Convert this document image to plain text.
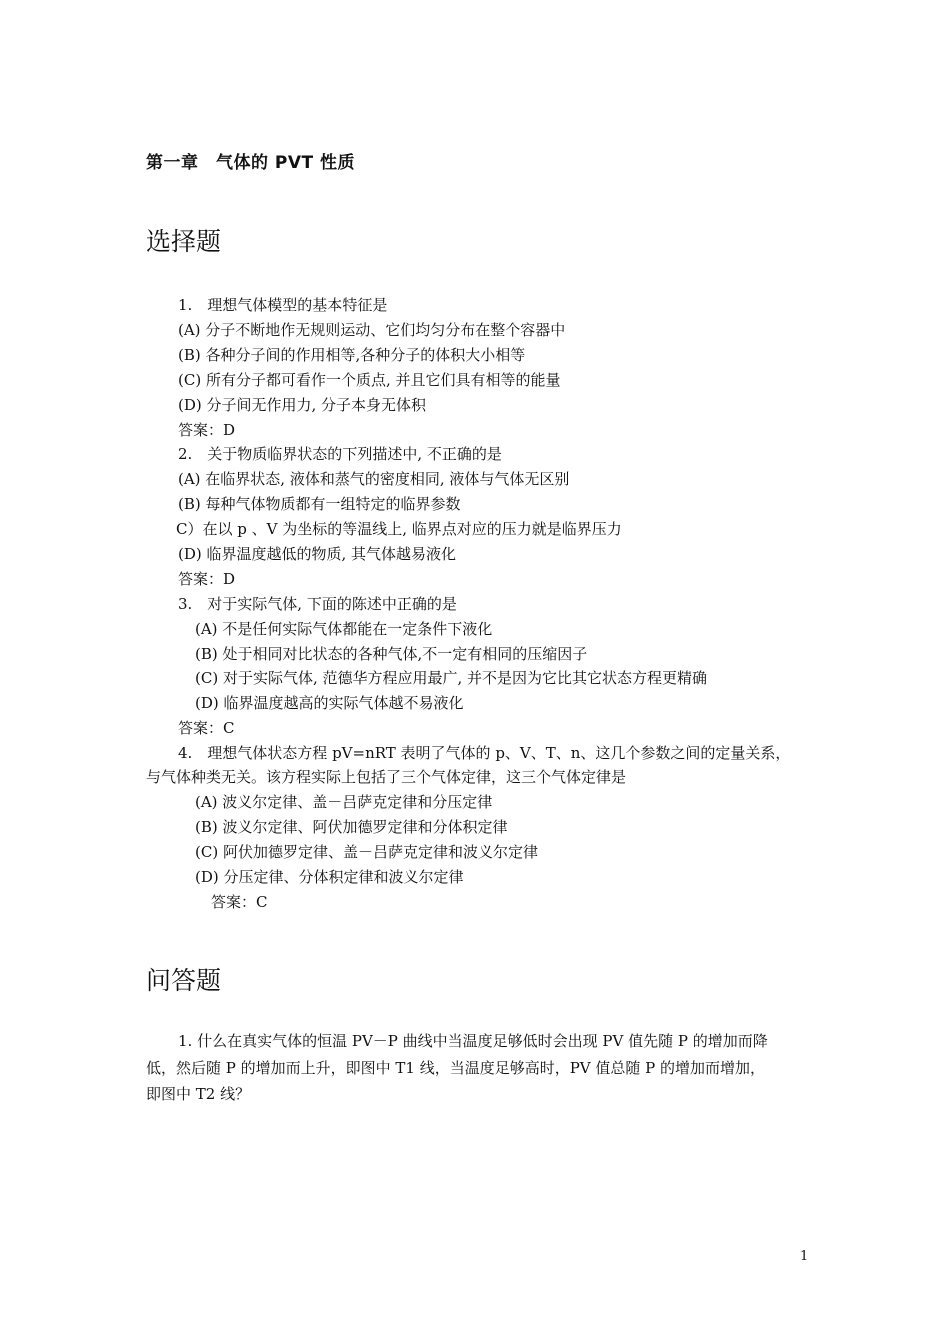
第一章　气体的 PVT 性质
选择题
1.　理想气体模型的基本特征是
(A) 分子不断地作无规则运动、它们均匀分布在整个容器中
(B) 各种分子间的作用相等,各种分子的体积大小相等
(C) 所有分子都可看作一个质点, 并且它们具有相等的能量
(D) 分子间无作用力, 分子本身无体积
答案：D
2.　关于物质临界状态的下列描述中, 不正确的是
(A) 在临界状态, 液体和蒸气的密度相同, 液体与气体无区别
(B) 每种气体物质都有一组特定的临界参数
C）在以 p 、V 为坐标的等温线上, 临界点对应的压力就是临界压力
(D) 临界温度越低的物质, 其气体越易液化
答案：D
3.　对于实际气体, 下面的陈述中正确的是
(A) 不是任何实际气体都能在一定条件下液化
(B) 处于相同对比状态的各种气体,不一定有相同的压缩因子
(C) 对于实际气体, 范德华方程应用最广, 并不是因为它比其它状态方程更精确
(D) 临界温度越高的实际气体越不易液化
答案：C
4.　理想气体状态方程 pV=nRT 表明了气体的 p、V、T、n、这几个参数之间的定量关系，
与气体种类无关。该方程实际上包括了三个气体定律，这三个气体定律是
(A) 波义尔定律、盖－吕萨克定律和分压定律
(B) 波义尔定律、阿伏加德罗定律和分体积定律
(C) 阿伏加德罗定律、盖－吕萨克定律和波义尔定律
(D) 分压定律、分体积定律和波义尔定律
答案：C
问答题
1. 什么在真实气体的恒温 PV－P 曲线中当温度足够低时会出现 PV 值先随 P 的增加而降
低，然后随 P 的增加而上升，即图中 T1 线，当温度足够高时，PV 值总随 P 的增加而增加，
即图中 T2 线？
1
